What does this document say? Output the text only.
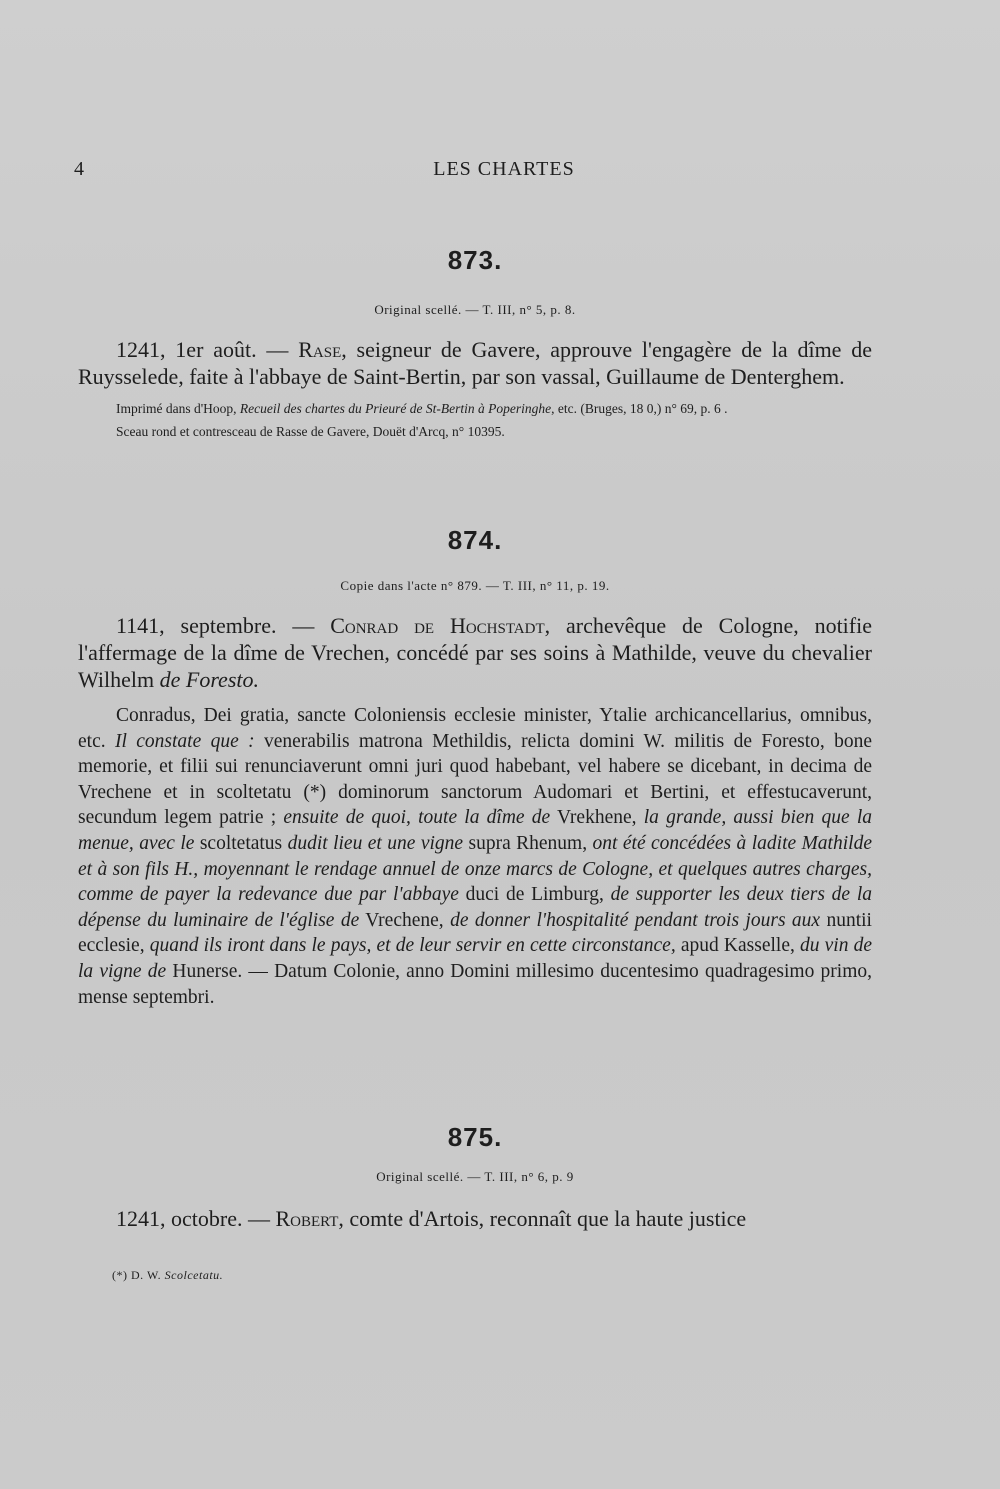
4	LES CHARTES
873.
Original scellé. — T. III, n° 5, p. 8.
1241, 1er août. — Rase, seigneur de Gavere, approuve l'engagère de la dîme de Ruysselede, faite à l'abbaye de Saint-Bertin, par son vassal, Guillaume de Denterghem.
Imprimé dans d'Hoop, Recueil des chartes du Prieuré de St-Bertin à Poperinghe, etc. (Bruges, 18 0,) n° 69, p. 6 .
Sceau rond et contresceau de Rasse de Gavere, Douët d'Arcq, n° 10395.
874.
Copie dans l'acte n° 879. — T. III, n° 11, p. 19.
1141, septembre. — Conrad de Hochstadt, archevêque de Cologne, notifie l'affermage de la dîme de Vrechen, concédé par ses soins à Mathilde, veuve du chevalier Wilhelm de Foresto.
Conradus, Dei gratia, sancte Coloniensis ecclesie minister, Ytalie archicancellarius, omnibus, etc. Il constate que : venerabilis matrona Methildis, relicta domini W. militis de Foresto, bone memorie, et filii sui renunciaverunt omni juri quod habebant, vel habere se dicebant, in decima de Vrechene et in scoltetatu (*) dominorum sanctorum Audomari et Bertini, et effestucaverunt, secundum legem patrie ; ensuite de quoi, toute la dîme de Vrekhene, la grande, aussi bien que la menue, avec le scoltetatus dudit lieu et une vigne supra Rhenum, ont été concédées à ladite Mathilde et à son fils H., moyennant le rendage annuel de onze marcs de Cologne, et quelques autres charges, comme de payer la redevance due par l'abbaye duci de Limburg, de supporter les deux tiers de la dépense du luminaire de l'église de Vrechene, de donner l'hospitalité pendant trois jours aux nuntii ecclesie, quand ils iront dans le pays, et de leur servir en cette circonstance, apud Kasselle, du vin de la vigne de Hunerse. — Datum Colonie, anno Domini millesimo ducentesimo quadragesimo primo, mense septembri.
875.
Original scellé. — T. III, n° 6, p. 9
1241, octobre. — Robert, comte d'Artois, reconnaît que la haute justice
(*) D. W. Scolcetatu.
